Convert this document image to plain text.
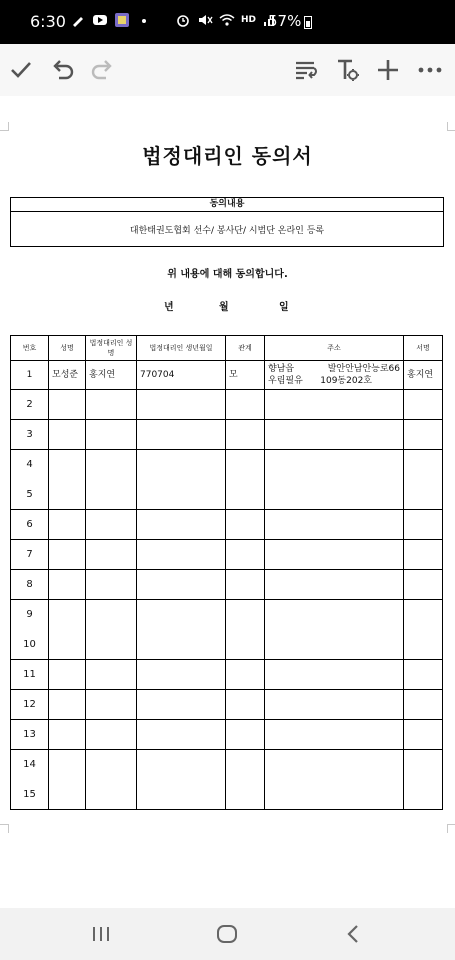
6:30	HD 57%
법정대리인 동의서
동의내용
대한태권도협회 선수/ 봉사단/ 시범단 온라인 등록
위 내용에 대해 동의합니다.
년	월	일
번호	성명	법정대리인 성명	법정대리인 생년월일	관계	주소	서명
1	모성준	홍지연	770704	모	향남읍 발안안남안능로66
우림필유 109동202호	홍지연
2						
3						
4						
5						
6						
7						
8						
9						
10						
11						
12						
13						
14						
15						
